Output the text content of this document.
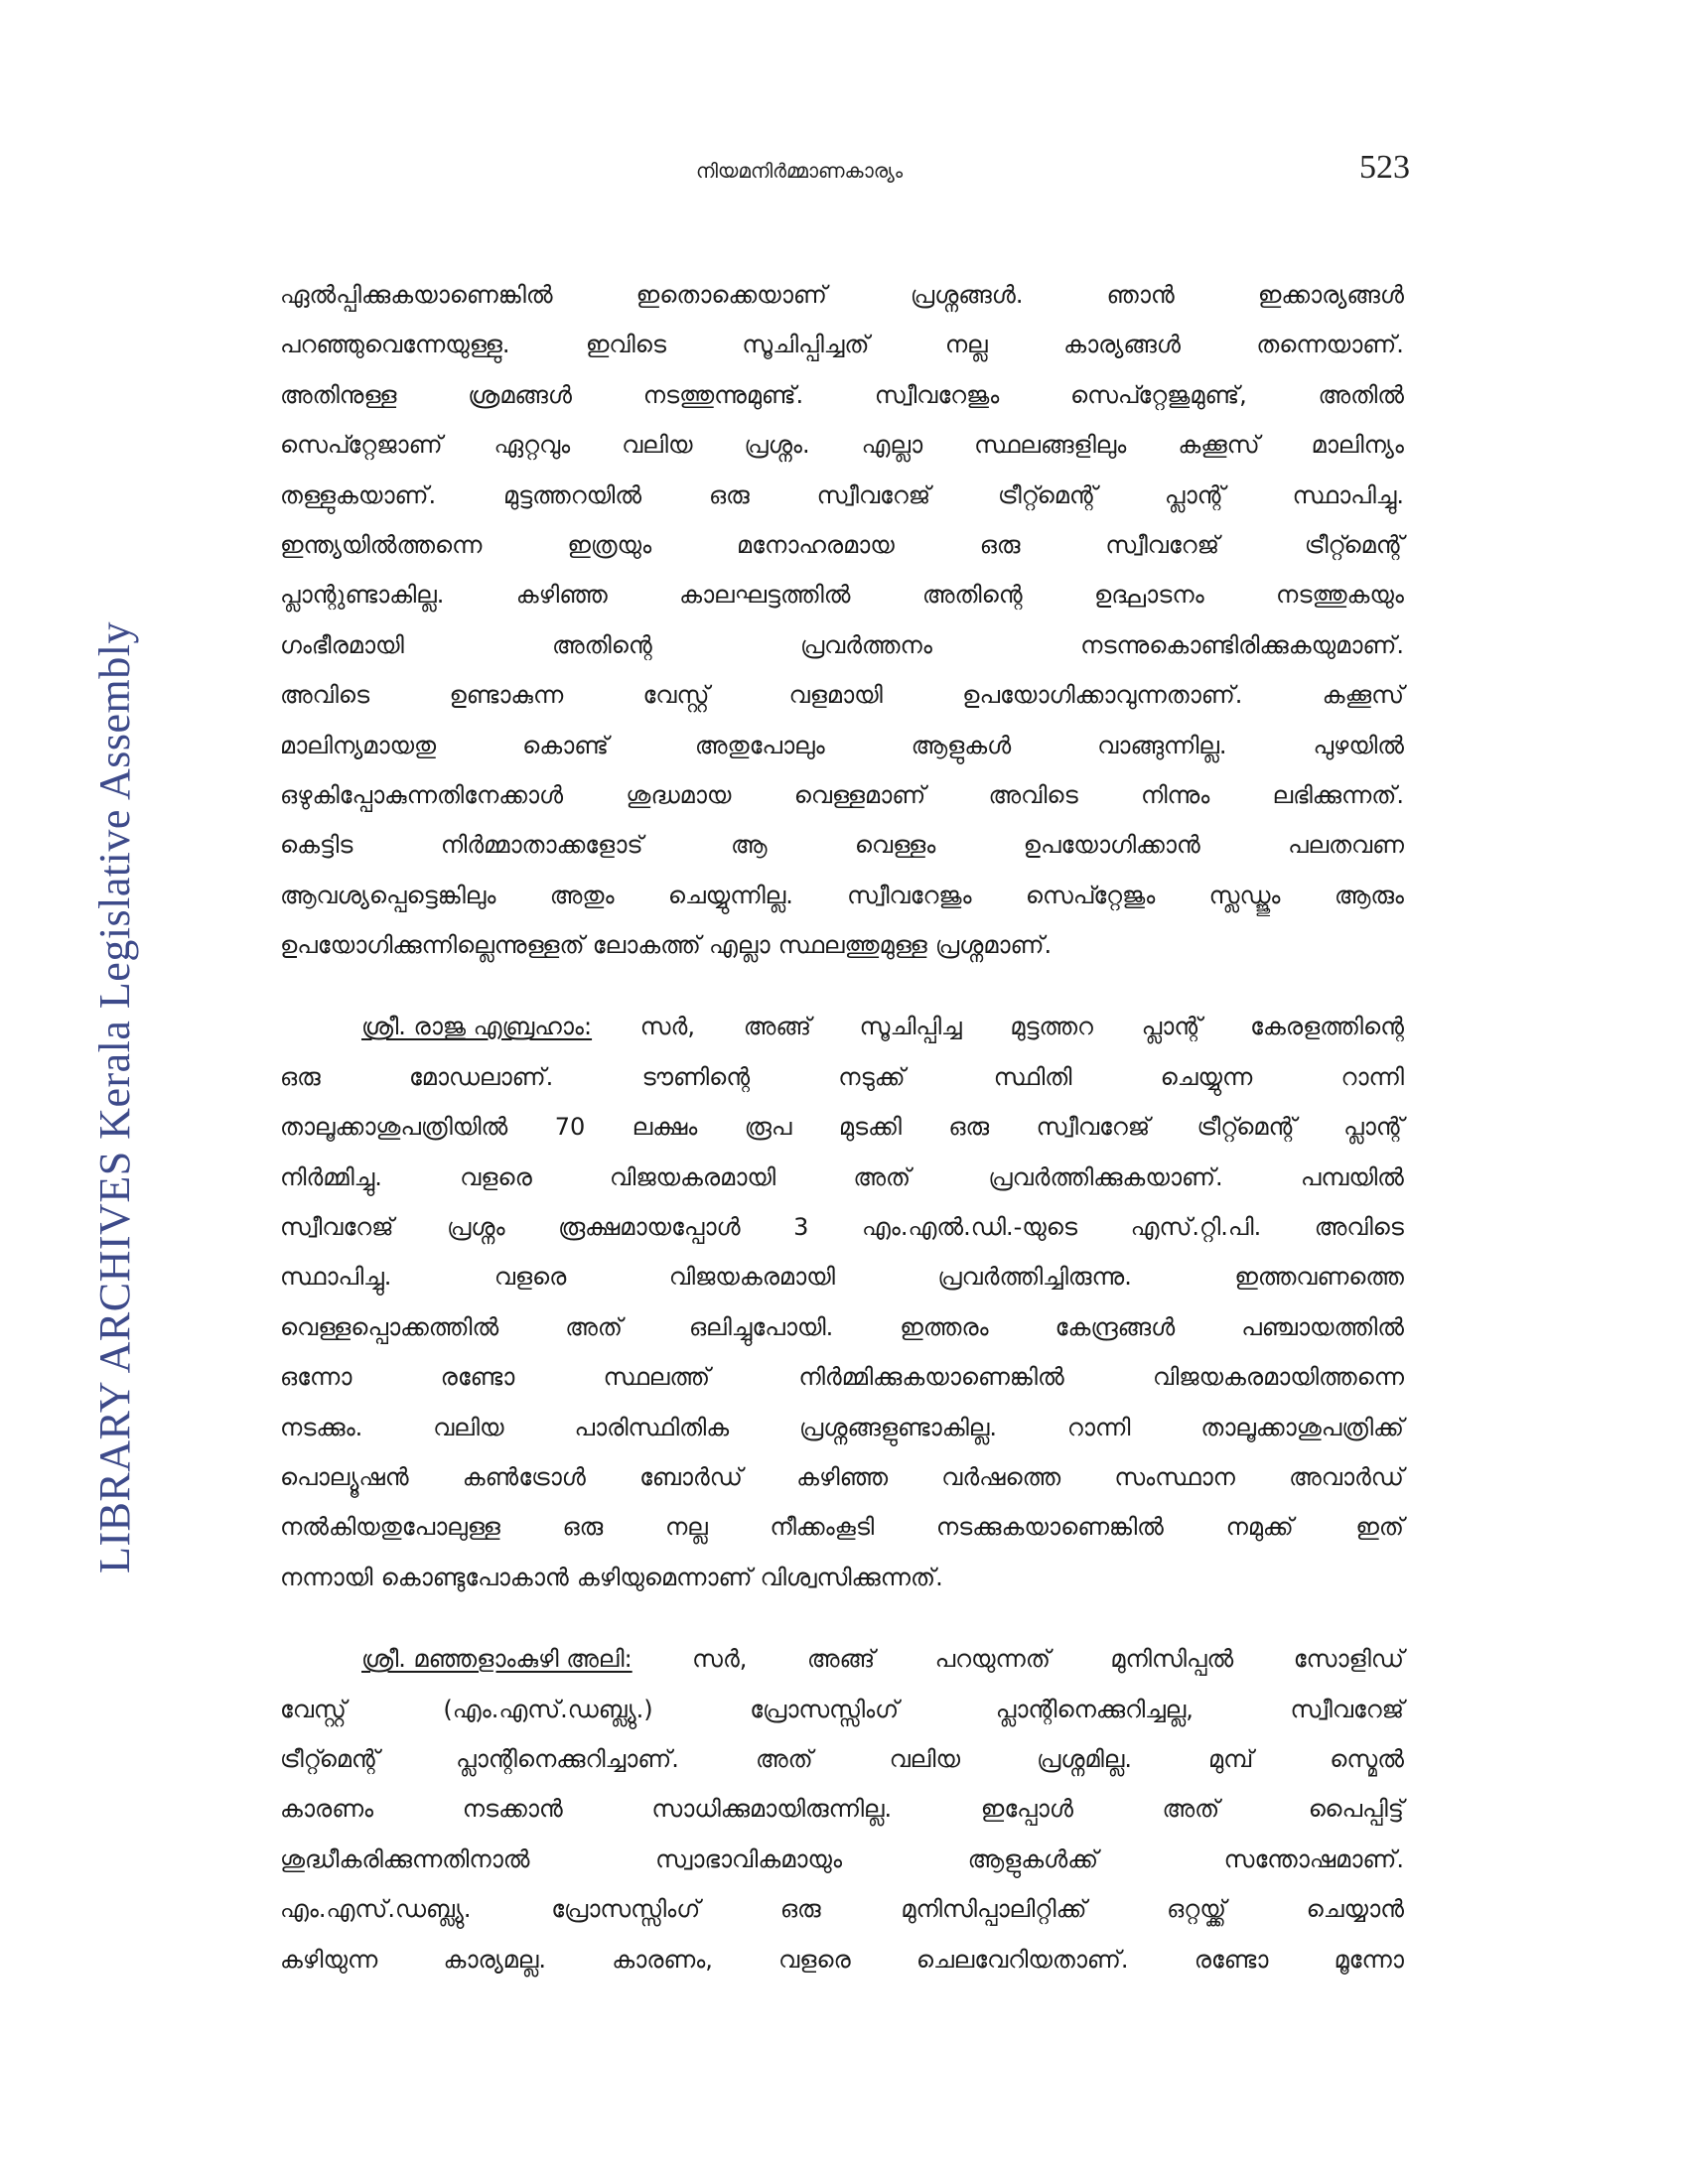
LIBRARY ARCHIVES Kerala Legislative Assembly
നിയമനിർമ്മാണകാര്യം	523
ഏൽപ്പിക്കുകയാണെങ്കിൽ	ഇതൊക്കെയാണ്	പ്രശ്നങ്ങൾ.	ഞാൻ	ഇക്കാര്യങ്ങൾ
പറഞ്ഞുവെന്നേയുള്ളു.	ഇവിടെ	സൂചിപ്പിച്ചത്	നല്ല	കാര്യങ്ങൾ	തന്നെയാണ്.
അതിനുള്ള	ശ്രമങ്ങൾ	നടത്തുന്നുമുണ്ട്.	സ്വീവറേജും	സെപ്റ്റേജുമുണ്ട്,	അതിൽ
സെപ്റ്റേജാണ് ഏറ്റവും വലിയ പ്രശ്നം. എല്ലാ സ്ഥലങ്ങളിലും കക്കൂസ് മാലിന്യം
തള്ളുകയാണ്.	മുട്ടത്തറയിൽ	ഒരു	സ്വീവറേജ്	ട്രീറ്റ്മെന്റ്	പ്ലാന്റ്	സ്ഥാപിച്ചു.
ഇന്ത്യയിൽത്തന്നെ	ഇത്രയും	മനോഹരമായ	ഒരു	സ്വീവറേജ്	ട്രീറ്റ്മെന്റ്
പ്ലാന്റുണ്ടാകില്ല.	കഴിഞ്ഞ	കാലഘട്ടത്തിൽ	അതിന്റെ	ഉദ്ഘാടനം	നടത്തുകയും
ഗംഭീരമായി	അതിന്റെ	പ്രവർത്തനം	നടന്നുകൊണ്ടിരിക്കുകയുമാണ്.
അവിടെ	ഉണ്ടാകുന്ന	വേസ്റ്റ്	വളമായി	ഉപയോഗിക്കാവുന്നതാണ്.	കക്കൂസ്
മാലിന്യമായതു	കൊണ്ട്	അതുപോലും	ആളുകൾ	വാങ്ങുന്നില്ല.	പുഴയിൽ
ഒഴുകിപ്പോകുന്നതിനേക്കാൾ	ശുദ്ധമായ	വെള്ളമാണ്	അവിടെ	നിന്നും	ലഭിക്കുന്നത്.
കെട്ടിട	നിർമ്മാതാക്കളോട്	ആ	വെള്ളം	ഉപയോഗിക്കാൻ	പലതവണ
ആവശ്യപ്പെട്ടെങ്കിലും അതും ചെയ്യുന്നില്ല. സ്വീവറേജും സെപ്റ്റേജും സ്ലഡ്ജും ആരും
ഉപയോഗിക്കുന്നില്ലെന്നുള്ളത് ലോകത്ത് എല്ലാ സ്ഥലത്തുമുള്ള പ്രശ്നമാണ്.
ശ്രീ. രാജു എബ്രഹാം: സർ, അങ്ങ് സൂചിപ്പിച്ച മുട്ടത്തറ പ്ലാന്റ് കേരളത്തിന്റെ
ഒരു	മോഡലാണ്.	ടൗണിന്റെ	നടുക്ക്	സ്ഥിതി	ചെയ്യുന്ന	റാന്നി
താലൂക്കാശുപത്രിയിൽ 70 ലക്ഷം രൂപ മുടക്കി ഒരു സ്വീവറേജ് ട്രീറ്റ്മെന്റ് പ്ലാന്റ്
നിർമ്മിച്ചു.	വളരെ	വിജയകരമായി	അത്	പ്രവർത്തിക്കുകയാണ്.	പമ്പയിൽ
സ്വീവറേജ് പ്രശ്നം രൂക്ഷമായപ്പോൾ 3 എം.എൽ.ഡി.-യുടെ എസ്.റ്റി.പി. അവിടെ
സ്ഥാപിച്ചു.	വളരെ	വിജയകരമായി	പ്രവർത്തിച്ചിരുന്നു.	ഇത്തവണത്തെ
വെള്ളപ്പൊക്കത്തിൽ	അത്	ഒലിച്ചുപോയി.	ഇത്തരം	കേന്ദ്രങ്ങൾ	പഞ്ചായത്തിൽ
ഒന്നോ	രണ്ടോ	സ്ഥലത്ത്	നിർമ്മിക്കുകയാണെങ്കിൽ	വിജയകരമായിത്തന്നെ
നടക്കും.	വലിയ	പാരിസ്ഥിതിക	പ്രശ്നങ്ങളുണ്ടാകില്ല.	റാന്നി	താലൂക്കാശുപത്രിക്ക്
പൊല്യൂഷൻ കൺട്രോൾ ബോർഡ് കഴിഞ്ഞ വർഷത്തെ സംസ്ഥാന അവാർഡ്
നൽകിയതുപോലുള്ള	ഒരു	നല്ല	നീക്കംകൂടി	നടക്കുകയാണെങ്കിൽ	നമുക്ക്	ഇത്
നന്നായി കൊണ്ടുപോകാൻ കഴിയുമെന്നാണ് വിശ്വസിക്കുന്നത്.
ശ്രീ. മഞ്ഞളാംകുഴി അലി:	സർ,	അങ്ങ്	പറയുന്നത്	മുനിസിപ്പൽ	സോളിഡ്
വേസ്റ്റ്	(എം.എസ്.ഡബ്ല്യു.)	പ്രോസസ്സിംഗ്	പ്ലാന്റിനെക്കുറിച്ചല്ല,	സ്വീവറേജ്
ട്രീറ്റ്മെന്റ്	പ്ലാന്റിനെക്കുറിച്ചാണ്.	അത്	വലിയ	പ്രശ്നമില്ല.	മുമ്പ്	സ്മെൽ
കാരണം	നടക്കാൻ	സാധിക്കുമായിരുന്നില്ല.	ഇപ്പോൾ	അത്	പൈപ്പിട്ട്
ശുദ്ധീകരിക്കുന്നതിനാൽ	സ്വാഭാവികമായും	ആളുകൾക്ക്	സന്തോഷമാണ്.
എം.എസ്.ഡബ്ല്യു.	പ്രോസസ്സിംഗ്	ഒരു	മുനിസിപ്പാലിറ്റിക്ക്	ഒറ്റയ്ക്ക്	ചെയ്യാൻ
കഴിയുന്ന	കാര്യമല്ല.	കാരണം,	വളരെ	ചെലവേറിയതാണ്.	രണ്ടോ	മൂന്നോ
